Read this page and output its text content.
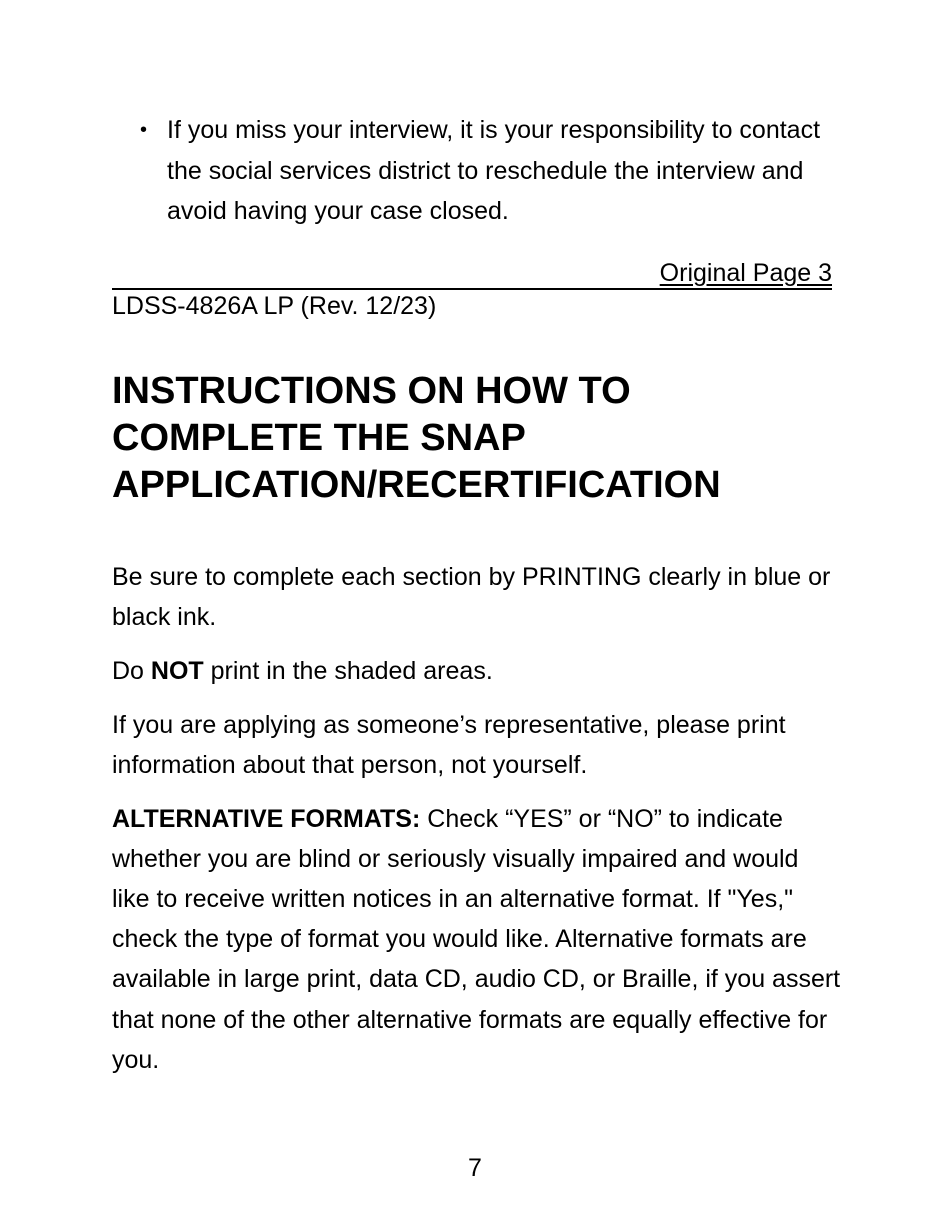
• If you miss your interview, it is your responsibility to contact the social services district to reschedule the interview and avoid having your case closed.
Original Page 3
LDSS-4826A LP (Rev. 12/23)
INSTRUCTIONS ON HOW TO COMPLETE THE SNAP APPLICATION/RECERTIFICATION

Be sure to complete each section by PRINTING clearly in blue or black ink.

Do NOT print in the shaded areas.

If you are applying as someone’s representative, please print information about that person, not yourself.

ALTERNATIVE FORMATS: Check “YES” or “NO” to indicate whether you are blind or seriously visually impaired and would like to receive written notices in an alternative format. If "Yes," check the type of format you would like. Alternative formats are available in large print, data CD, audio CD, or Braille, if you assert that none of the other alternative formats are equally effective for you.

7
